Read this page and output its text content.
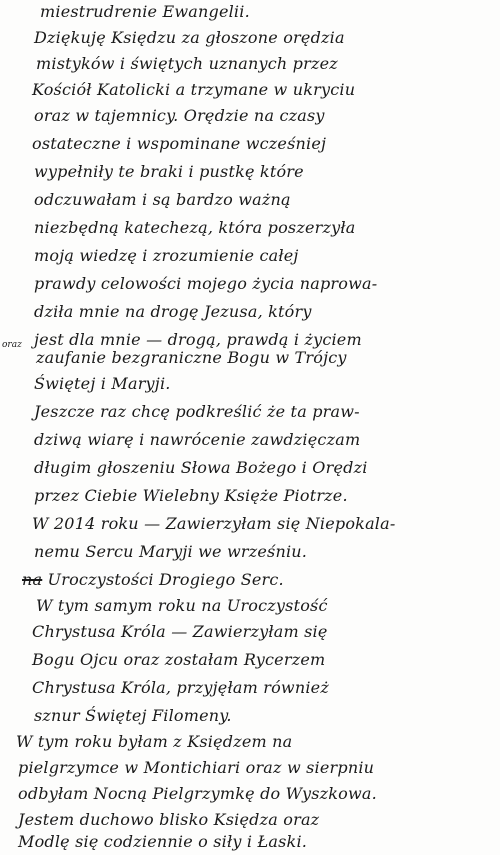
miestrudrenie Ewangelii.
Dziękuję Księdzu za głoszone orędzia
mistyków i świętych uznanych przez
Kościół Katolicki a trzymane w ukryciu
oraz w tajemnicy. Orędzie na czasy
ostateczne i wspominane wcześniej
wypełniły te braki i pustkę które
odczuwałam i są bardzo ważną
niezbędną katechezą, która poszerzyła
moją wiedzę i zrozumienie całej
prawdy celowości mojego życia naprowa-
dziła mnie na drogę Jezusa, który
jest dla mnie — drogą, prawdą i życiem
oraz
zaufanie bezgraniczne Bogu w Trójcy
Świętej i Maryji.
Jeszcze raz chcę podkreślić że ta praw-
dziwą wiarę i nawrócenie zawdzięczam
długim głoszeniu Słowa Bożego i Orędzi
przez Ciebie Wielebny Księże Piotrze.
W 2014 roku — Zawierzyłam się Niepokala-
nemu Sercu Maryji we wrześniu.
na Uroczystości Drogiego Serc.
W tym samym roku na Uroczystość
Chrystusa Króla — Zawierzyłam się
Bogu Ojcu oraz zostałam Rycerzem
Chrystusa Króla, przyjęłam również
sznur Świętej Filomeny.
W tym roku byłam z Księdzem na
pielgrzymce w Montichiari oraz w sierpniu
odbyłam Nocną Pielgrzymkę do Wyszkowa.
Jestem duchowo blisko Księdza oraz
Modlę się codziennie o siły i Łaski.
